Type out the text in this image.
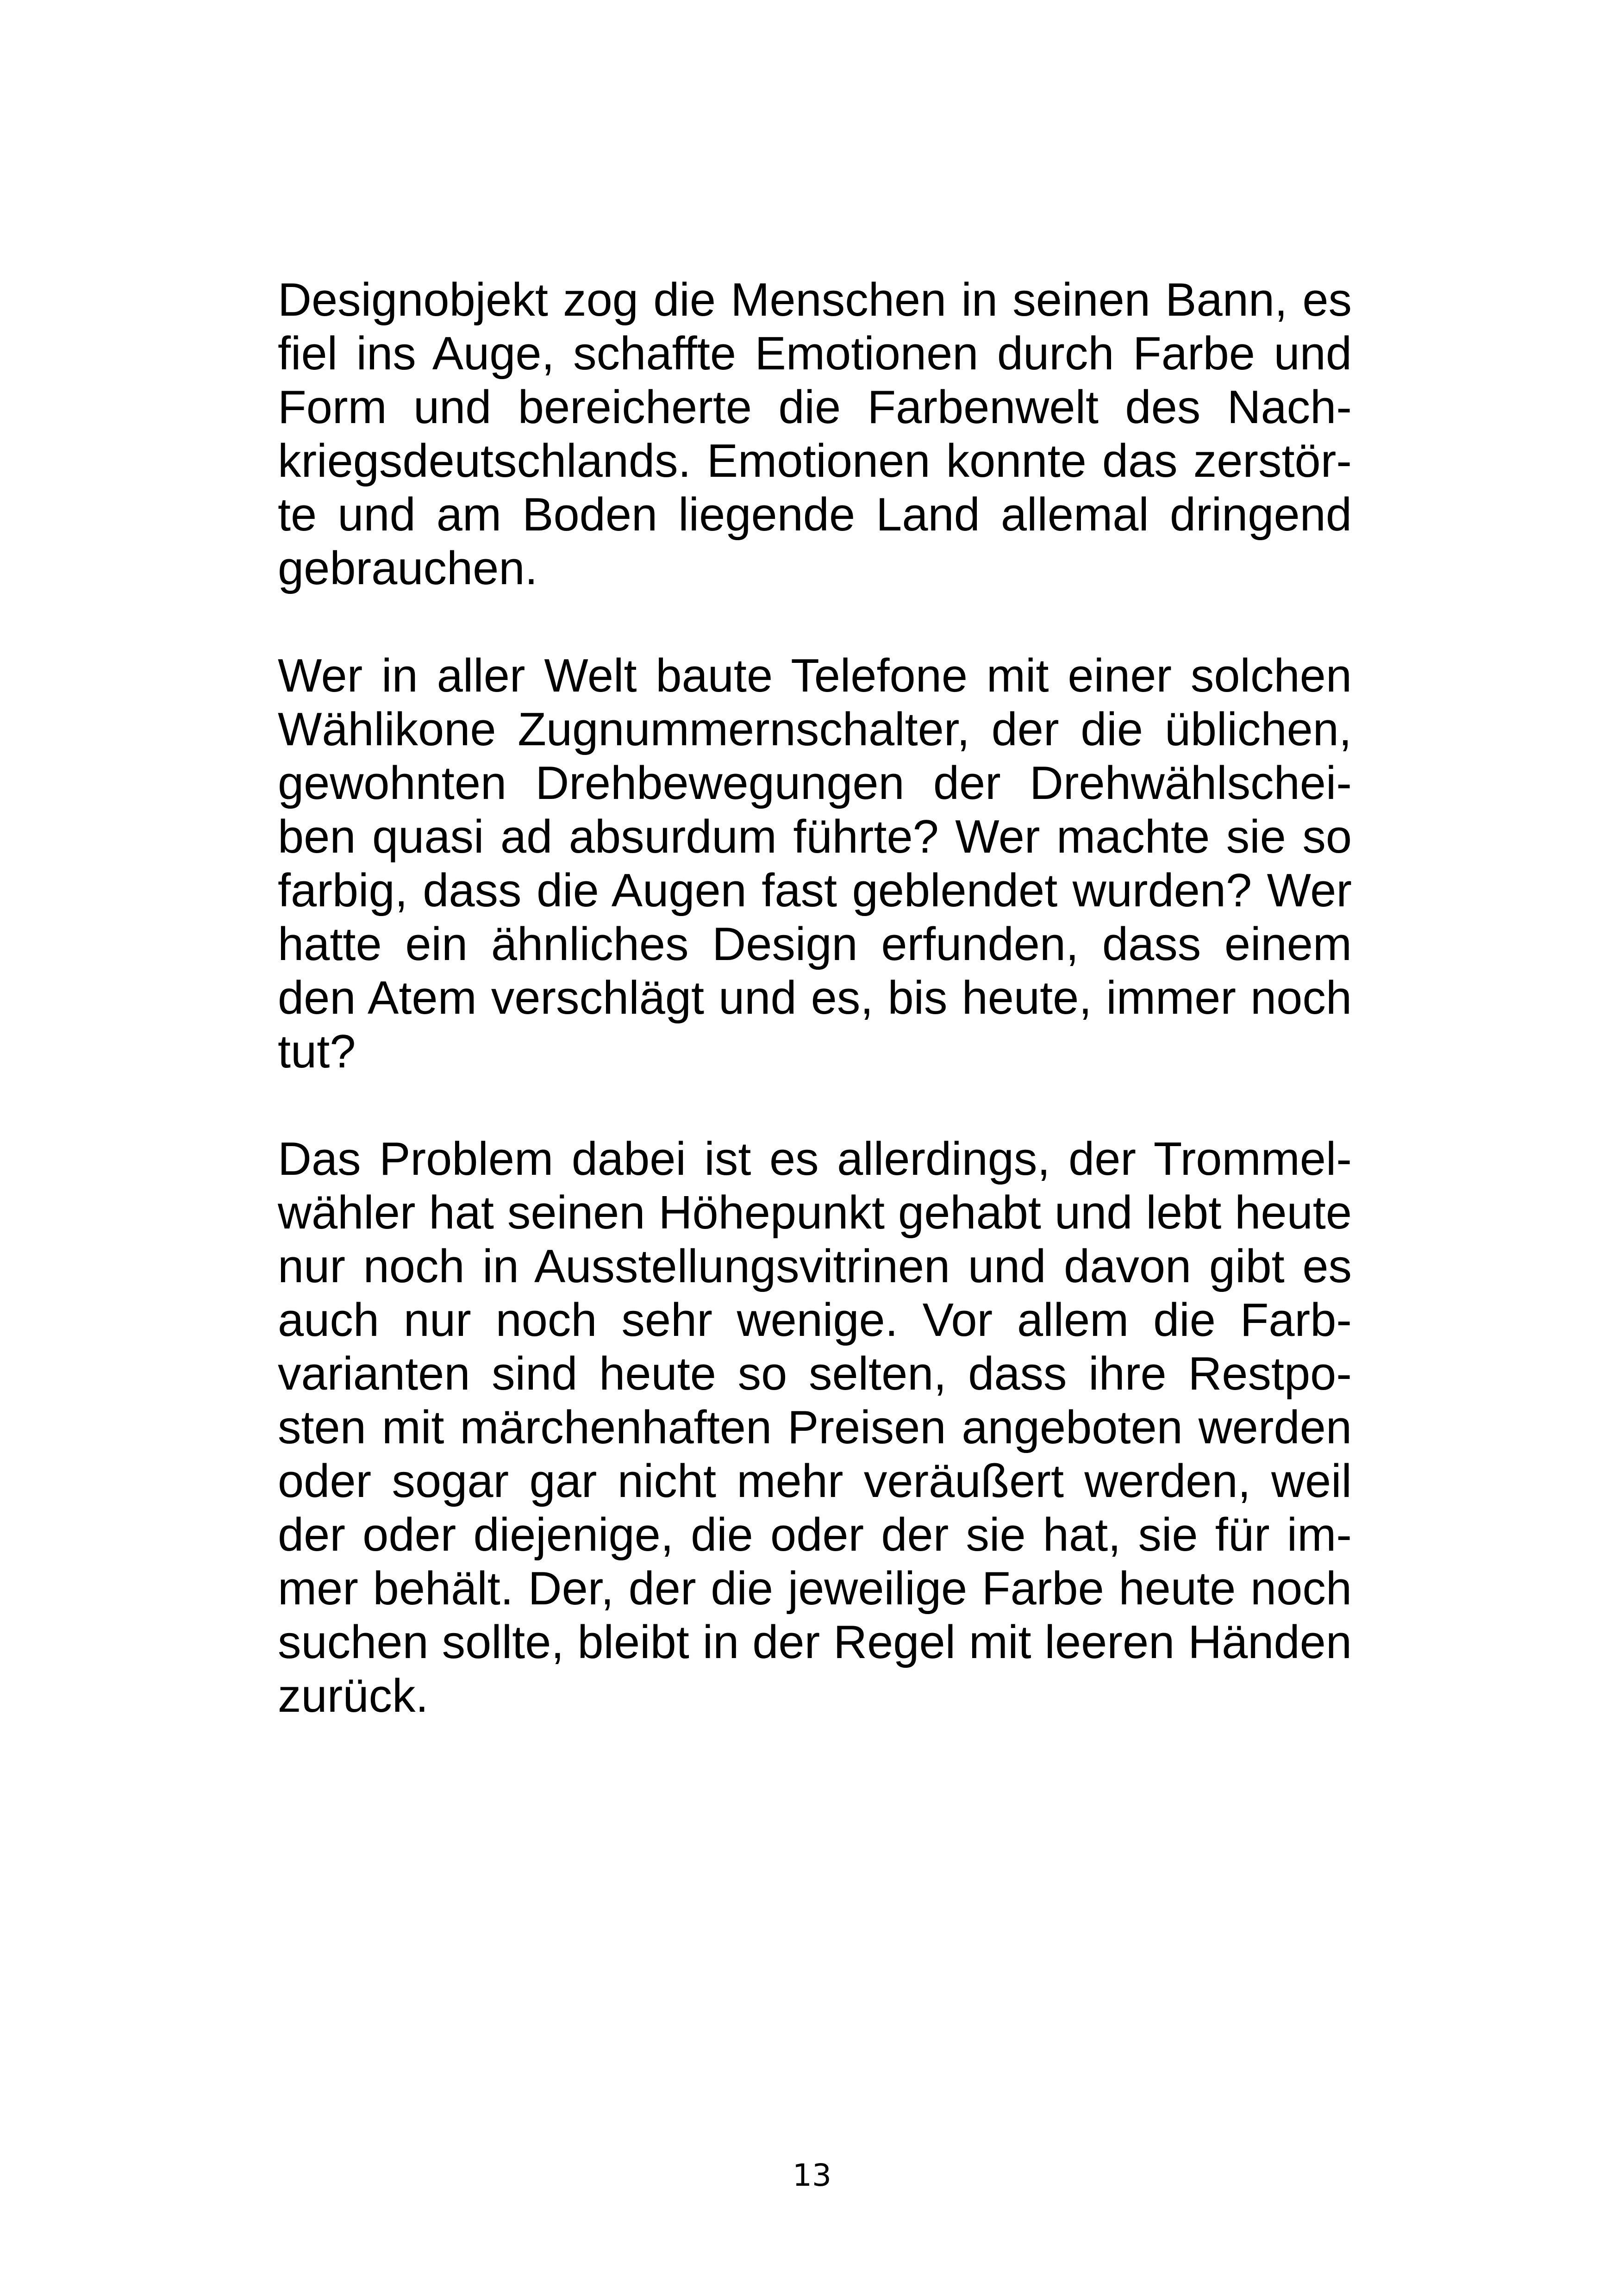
Designobjekt zog die Menschen in seinen Bann, es
fiel ins Auge, schaffte Emotionen durch Farbe und
Form und bereicherte die Farbenwelt des Nach-
kriegsdeutschlands. Emotionen konnte das zerstör-
te und am Boden liegende Land allemal dringend
gebrauchen.
Wer in aller Welt baute Telefone mit einer solchen
Wählikone Zugnummernschalter, der die üblichen,
gewohnten Drehbewegungen der Drehwählschei-
ben quasi ad absurdum führte? Wer machte sie so
farbig, dass die Augen fast geblendet wurden? Wer
hatte ein ähnliches Design erfunden, dass einem
den Atem verschlägt und es, bis heute, immer noch
tut?
Das Problem dabei ist es allerdings, der Trommel-
wähler hat seinen Höhepunkt gehabt und lebt heute
nur noch in Ausstellungsvitrinen und davon gibt es
auch nur noch sehr wenige. Vor allem die Farb-
varianten sind heute so selten, dass ihre Restpo-
sten mit märchenhaften Preisen angeboten werden
oder sogar gar nicht mehr veräußert werden, weil
der oder diejenige, die oder der sie hat, sie für im-
mer behält. Der, der die jeweilige Farbe heute noch
suchen sollte, bleibt in der Regel mit leeren Händen
zurück.
13
